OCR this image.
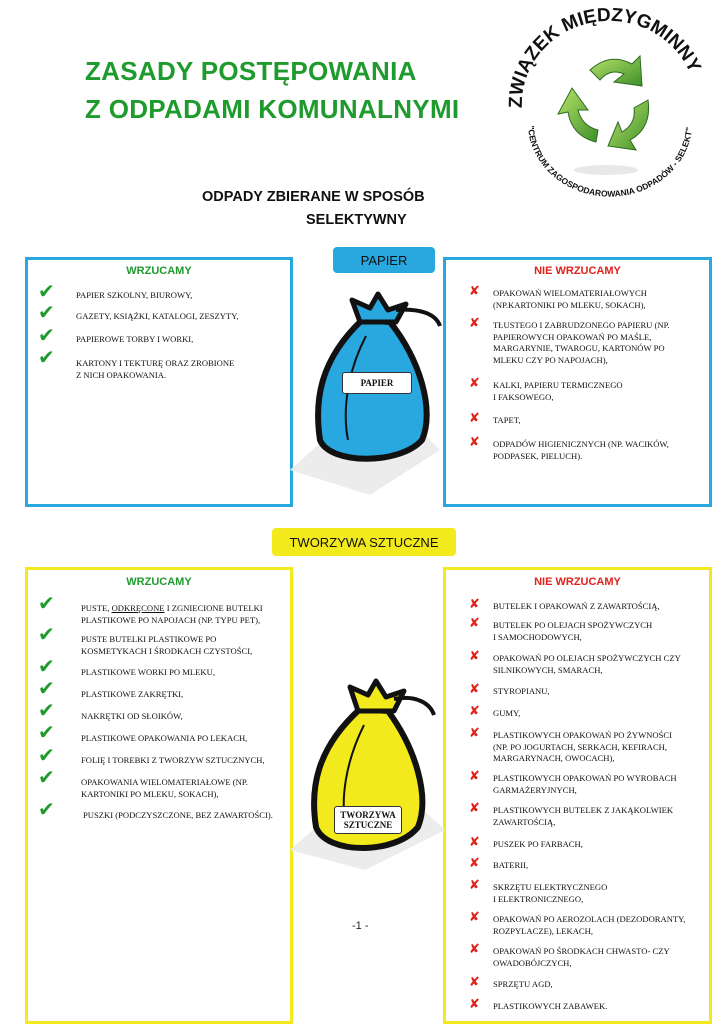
ZASADY POSTĘPOWANIA
Z ODPADAMI KOMUNALNYMI
ODPADY ZBIERANE W SPOSÓB
SELEKTYWNY
ZWIĄZEK MIĘDZYGMINNY
"CENTRUM ZAGOSPODAROWANIA ODPADÓW - SELEKT"
PAPIER
WRZUCAMY	NIE WRZUCAMY
✔ PAPIER SZKOLNY, BIUROWY,
✔ GAZETY, KSIĄŻKI, KATALOGI, ZESZYTY,
✔ PAPIEROWE TORBY I WORKI,
✔ KARTONY I TEKTURĘ ORAZ ZROBIONE
Z NICH OPAKOWANIA.
✘ OPAKOWAŃ WIELOMATERIAŁOWYCH
(NP.KARTONIKI PO MLEKU, SOKACH),
✘ TŁUSTEGO I ZABRUDZONEGO PAPIERU (NP.
PAPIEROWYCH OPAKOWAŃ PO MAŚLE,
MARGARYNIE, TWAROGU, KARTONÓW PO
MLEKU CZY PO NAPOJACH),
✘ KALKI, PAPIERU TERMICZNEGO
I FAKSOWEGO,
✘ TAPET,
✘ ODPADÓW HIGIENICZNYCH (NP. WACIKÓW,
PODPASEK, PIELUCH).
PAPIER
TWORZYWA SZTUCZNE
WRZUCAMY	NIE WRZUCAMY
✔	PUSTE, ODKRĘCONE I ZGNIECIONE BUTELKI
PLASTIKOWE PO NAPOJACH (NP. TYPU PET),
✔	PUSTE BUTELKI PLASTIKOWE PO
KOSMETYKACH I ŚRODKACH CZYSTOŚCI,
✔	PLASTIKOWE WORKI PO MLEKU,
✔	PLASTIKOWE ZAKRĘTKI,
✔	NAKRĘTKI OD SŁOIKÓW,
✔	PLASTIKOWE OPAKOWANIA PO LEKACH,
✔	FOLIĘ I TOREBKI Z TWORZYW SZTUCZNYCH,
✔	OPAKOWANIA WIELOMATERIAŁOWE (NP.
KARTONIKI PO MLEKU, SOKACH),
✔	PUSZKI (PODCZYSZCZONE, BEZ ZAWARTOŚCI).
✘ BUTELEK I OPAKOWAŃ Z ZAWARTOŚCIĄ,
✘ BUTELEK PO OLEJACH SPOŻYWCZYCH
I SAMOCHODOWYCH,
✘ OPAKOWAŃ PO OLEJACH SPOŻYWCZYCH CZY
SILNIKOWYCH, SMARACH,
✘ STYROPIANU,
✘ GUMY,
✘ PLASTIKOWYCH OPAKOWAŃ PO ŻYWNOŚCI
(NP. PO JOGURTACH, SERKACH, KEFIRACH,
MARGARYNACH, OWOCACH),
✘ PLASTIKOWYCH OPAKOWAŃ PO WYROBACH
GARMAŻERYJNYCH,
✘ PLASTIKOWYCH BUTELEK Z JAKĄKOLWIEK
ZAWARTOŚCIĄ,
✘ PUSZEK PO FARBACH,
✘ BATERII,
✘ SKRZĘTU ELEKTRYCZNEGO
I ELEKTRONICZNEGO,
✘ OPAKOWAŃ PO AEROZOLACH (DEZODORANTY,
ROZPYLACZE), LEKACH,
✘ OPAKOWAŃ PO ŚRODKACH CHWASTO- CZY
OWADOBÓJCZYCH,
✘ SPRZĘTU AGD,
✘ PLASTIKOWYCH ZABAWEK.
TWORZYWA
SZTUCZNE
-1 -
